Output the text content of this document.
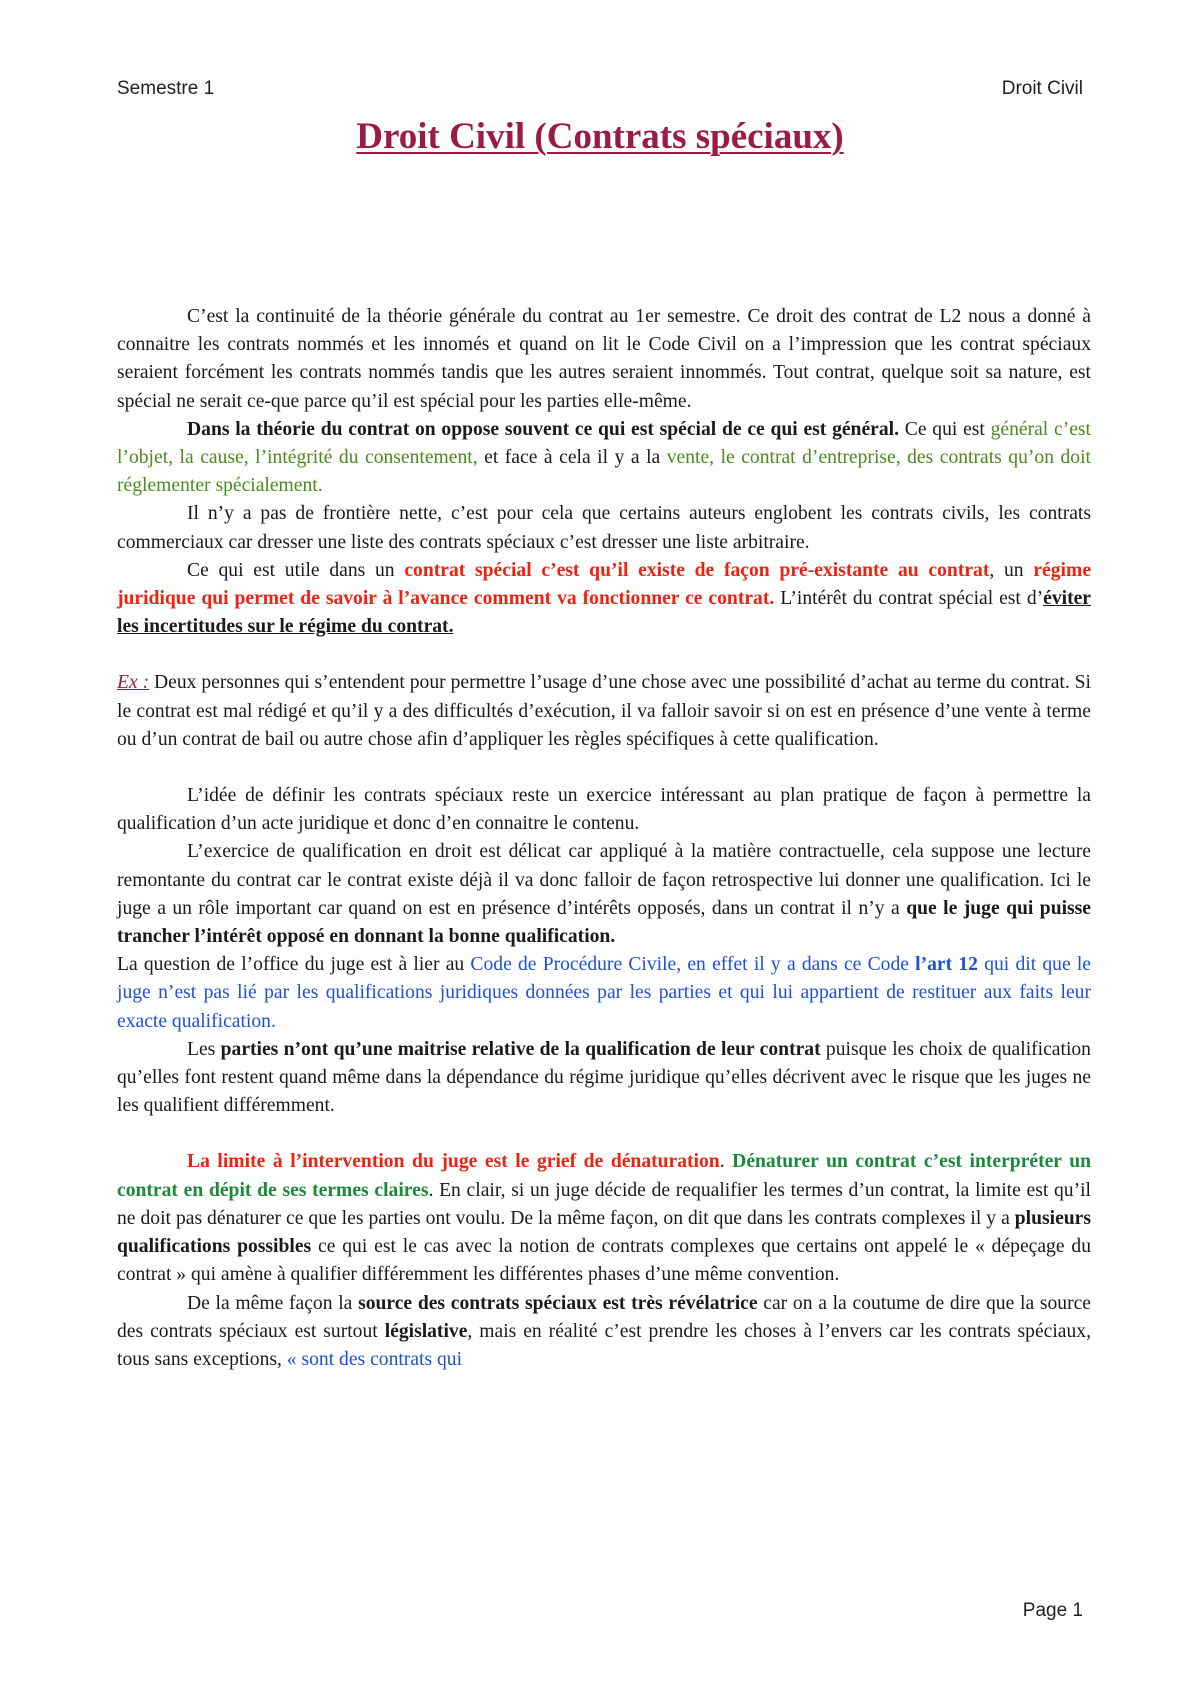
Semestre 1	Droit Civil
Droit Civil (Contrats spéciaux)

C’est la continuité de la théorie générale du contrat au 1er semestre. Ce droit des contrat de L2 nous a donné à connaitre les contrats nommés et les innomés et quand on lit le Code Civil on a l’impression que les contrat spéciaux seraient forcément les contrats nommés tandis que les autres seraient innommés. Tout contrat, quelque soit sa nature, est spécial ne serait ce-que parce qu’il est spécial pour les parties elle-même.

Dans la théorie du contrat on oppose souvent ce qui est spécial de ce qui est général. Ce qui est général c’est l’objet, la cause, l’intégrité du consentement, et face à cela il y a la vente, le contrat d’entreprise, des contrats qu’on doit réglementer spécialement.

Il n’y a pas de frontière nette, c’est pour cela que certains auteurs englobent les contrats civils, les contrats commerciaux car dresser une liste des contrats spéciaux c’est dresser une liste arbitraire.

Ce qui est utile dans un contrat spécial c’est qu’il existe de façon pré-existante au contrat, un régime juridique qui permet de savoir à l’avance comment va fonctionner ce contrat. L’intérêt du contrat spécial est d’éviter les incertitudes sur le régime du contrat.

Ex : Deux personnes qui s’entendent pour permettre l’usage d’une chose avec une possibilité d’achat au terme du contrat. Si le contrat est mal rédigé et qu’il y a des difficultés d’exécution, il va falloir savoir si on est en présence d’une vente à terme ou d’un contrat de bail ou autre chose afin d’appliquer les règles spécifiques à cette qualification.

L’idée de définir les contrats spéciaux reste un exercice intéressant au plan pratique de façon à permettre la qualification d’un acte juridique et donc d’en connaitre le contenu.

L’exercice de qualification en droit est délicat car appliqué à la matière contractuelle, cela suppose une lecture remontante du contrat car le contrat existe déjà il va donc falloir de façon retrospective lui donner une qualification. Ici le juge a un rôle important car quand on est en présence d’intérêts opposés, dans un contrat il n’y a que le juge qui puisse trancher l’intérêt opposé en donnant la bonne qualification.

La question de l’office du juge est à lier au Code de Procédure Civile, en effet il y a dans ce Code l’art 12 qui dit que le juge n’est pas lié par les qualifications juridiques données par les parties et qui lui appartient de restituer aux faits leur exacte qualification.

Les parties n’ont qu’une maitrise relative de la qualification de leur contrat puisque les choix de qualification qu’elles font restent quand même dans la dépendance du régime juridique qu’elles décrivent avec le risque que les juges ne les qualifient différemment.

La limite à l’intervention du juge est le grief de dénaturation. Dénaturer un contrat c’est interpréter un contrat en dépit de ses termes claires. En clair, si un juge décide de requalifier les termes d’un contrat, la limite est qu’il ne doit pas dénaturer ce que les parties ont voulu. De la même façon, on dit que dans les contrats complexes il y a plusieurs qualifications possibles ce qui est le cas avec la notion de contrats complexes que certains ont appelé le « dépeçage du contrat » qui amène à qualifier différemment les différentes phases d’une même convention.

De la même façon la source des contrats spéciaux est très révélatrice car on a la coutume de dire que la source des contrats spéciaux est surtout législative, mais en réalité c’est prendre les choses à l’envers car les contrats spéciaux, tous sans exceptions, « sont des contrats qui

Page 1
